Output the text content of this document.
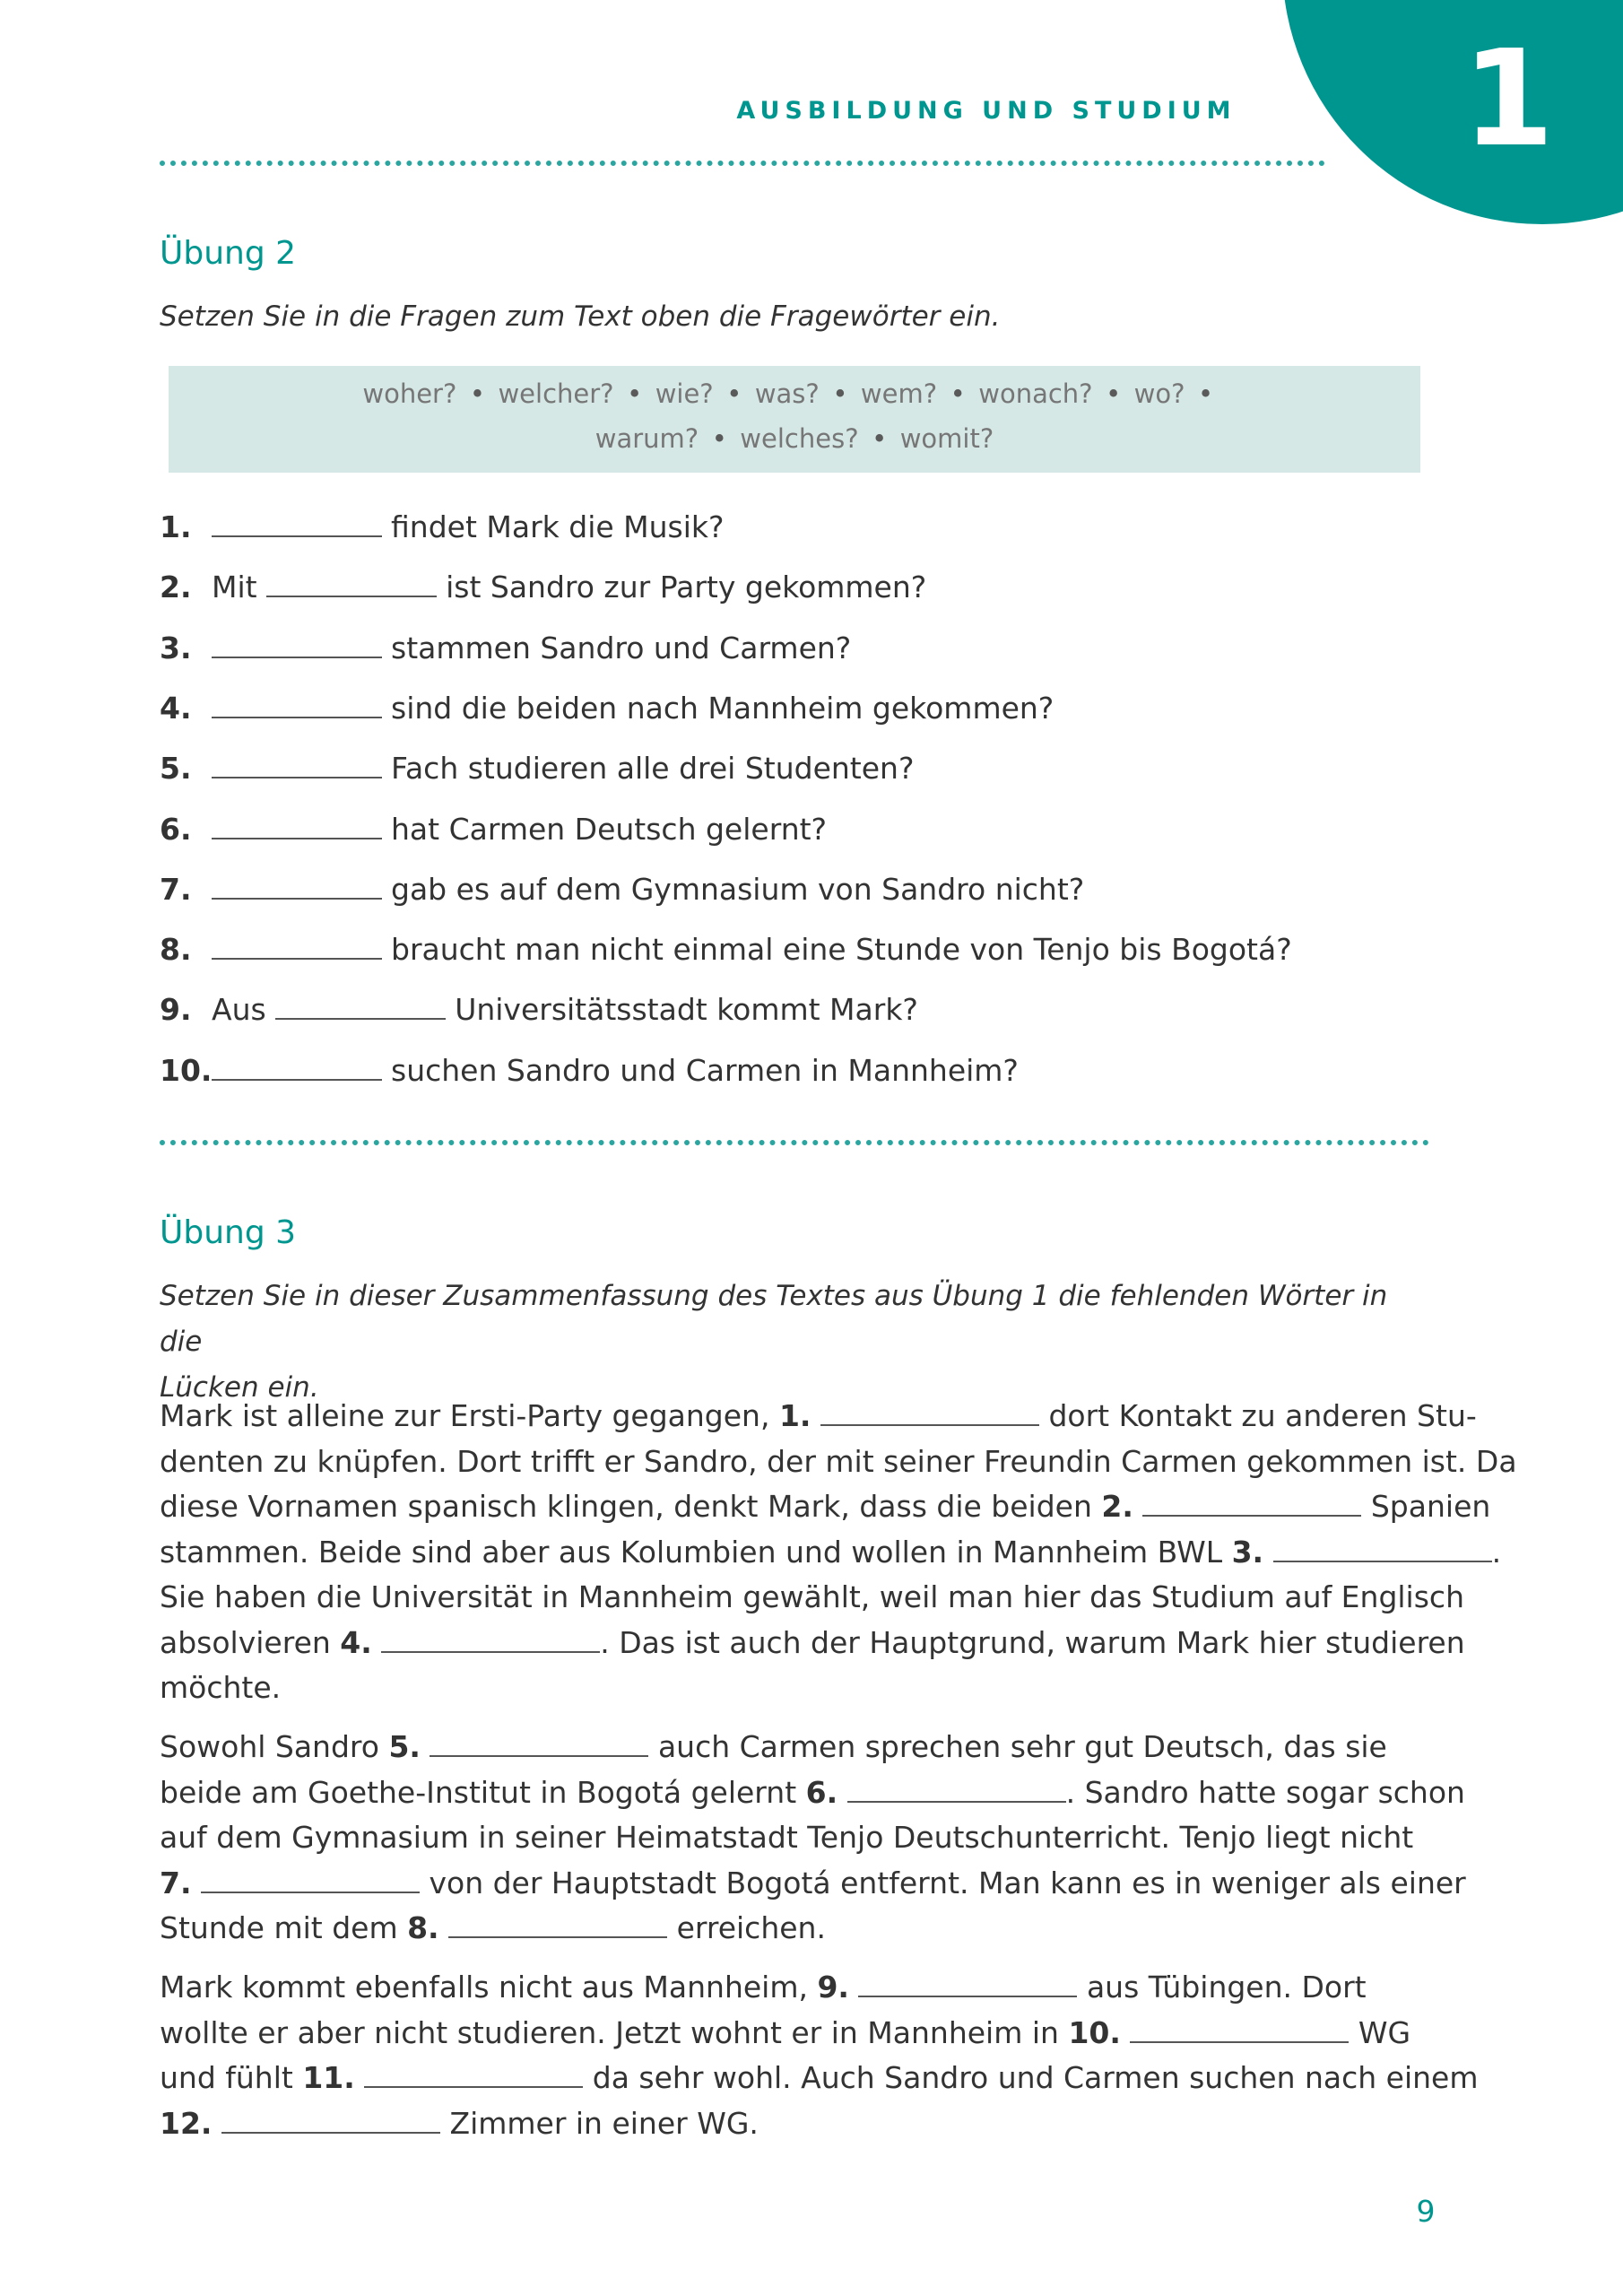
1
AUSBILDUNG UND STUDIUM
Übung 2
Setzen Sie in die Fragen zum Text oben die Fragewörter ein.
woher? • welcher? • wie? • was? • wem? • wonach? • wo? • 
warum? • welches? • womit?
1.	findet Mark die Musik?
2. Mit	ist Sandro zur Party gekommen?
3.	stammen Sandro und Carmen?
4.	sind die beiden nach Mannheim gekommen?
5.	Fach studieren alle drei Studenten?
6.	hat Carmen Deutsch gelernt?
7.	gab es auf dem Gymnasium von Sandro nicht?
8.	braucht man nicht einmal eine Stunde von Tenjo bis Bogotá?
9. Aus	Universitätsstadt kommt Mark?
10.	suchen Sandro und Carmen in Mannheim?
Übung 3
Setzen Sie in dieser Zusammenfassung des Textes aus Übung 1 die fehlenden Wörter in die
Lücken ein.
Mark ist alleine zur Ersti-Party gegangen, 1.	dort Kontakt zu anderen Stu-
denten zu knüpfen. Dort trifft er Sandro, der mit seiner Freundin Carmen gekommen ist. Da
diese Vornamen spanisch klingen, denkt Mark, dass die beiden 2.	Spanien
stammen. Beide sind aber aus Kolumbien und wollen in Mannheim BWL 3.	.
Sie haben die Universität in Mannheim gewählt, weil man hier das Studium auf Englisch
absolvieren 4.	. Das ist auch der Hauptgrund, warum Mark hier studieren
möchte.
Sowohl Sandro 5.	auch Carmen sprechen sehr gut Deutsch, das sie
beide am Goethe-Institut in Bogotá gelernt 6.	. Sandro hatte sogar schon
auf dem Gymnasium in seiner Heimatstadt Tenjo Deutschunterricht. Tenjo liegt nicht
7.	von der Hauptstadt Bogotá entfernt. Man kann es in weniger als einer
Stunde mit dem 8.	erreichen.
Mark kommt ebenfalls nicht aus Mannheim, 9.	aus Tübingen. Dort
wollte er aber nicht studieren. Jetzt wohnt er in Mannheim in 10.	WG
und fühlt 11.	da sehr wohl. Auch Sandro und Carmen suchen nach einem
12.	Zimmer in einer WG.
9
